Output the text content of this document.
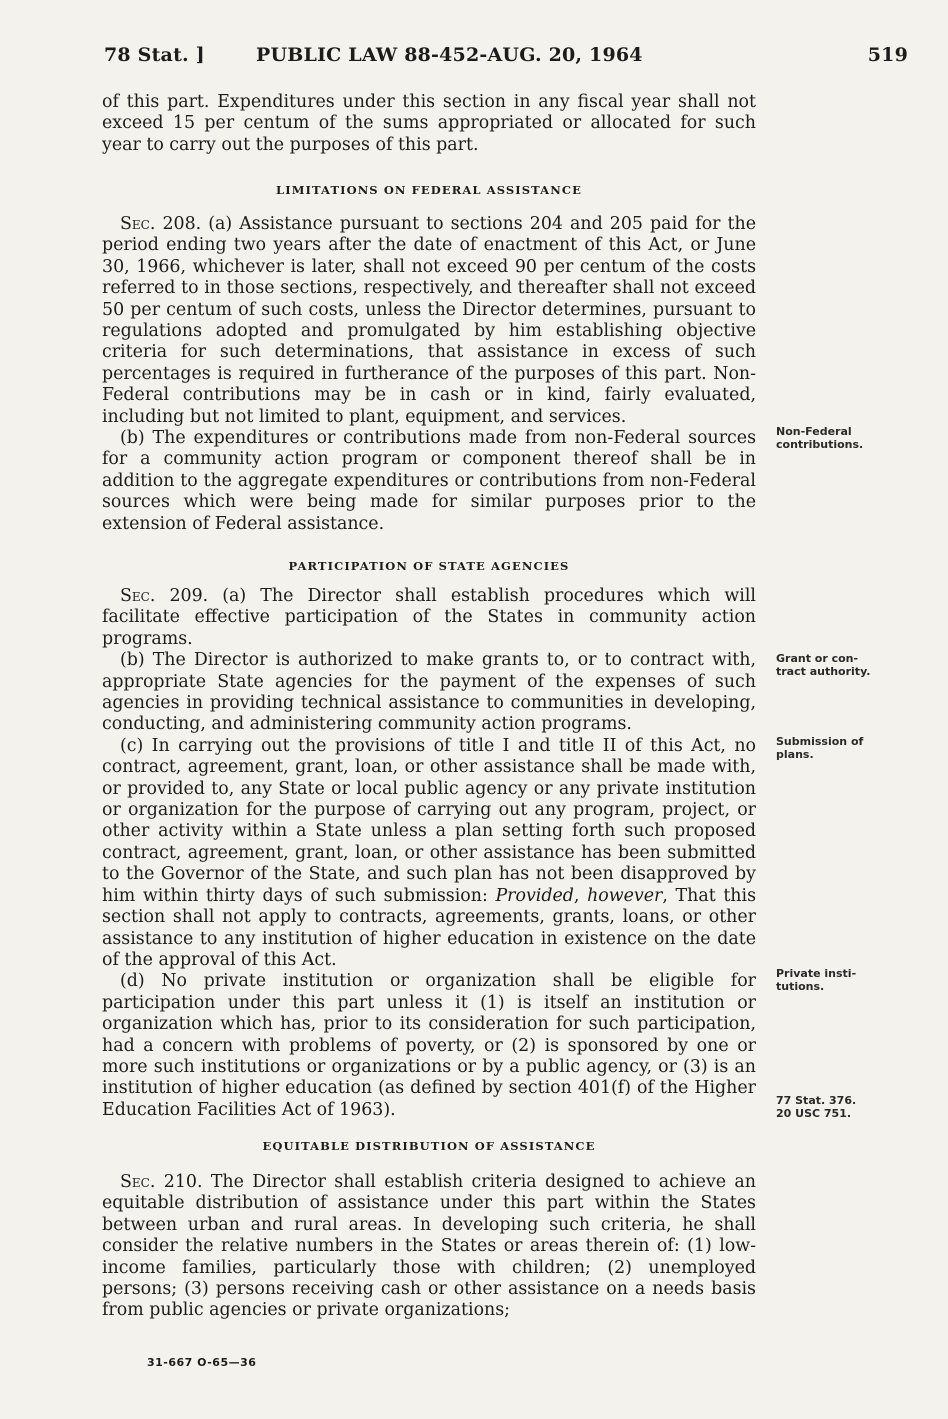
78 Stat. ]	PUBLIC LAW 88-452-AUG. 20, 1964	519

of this part. Expenditures under this section in any fiscal year shall not exceed 15 per centum of the sums appropriated or allocated for such year to carry out the purposes of this part.

LIMITATIONS ON FEDERAL ASSISTANCE

Sec. 208. (a) Assistance pursuant to sections 204 and 205 paid for the period ending two years after the date of enactment of this Act, or June 30, 1966, whichever is later, shall not exceed 90 per centum of the costs referred to in those sections, respectively, and thereafter shall not exceed 50 per centum of such costs, unless the Director determines, pursuant to regulations adopted and promulgated by him establishing objective criteria for such determinations, that assistance in excess of such percentages is required in furtherance of the purposes of this part. Non-Federal contributions may be in cash or in kind, fairly evaluated, including but not limited to plant, equipment, and services.

(b) The expenditures or contributions made from non-Federal sources for a community action program or component thereof shall be in addition to the aggregate expenditures or contributions from non-Federal sources which were being made for similar purposes prior to the extension of Federal assistance.

PARTICIPATION OF STATE AGENCIES

Sec. 209. (a) The Director shall establish procedures which will facilitate effective participation of the States in community action programs.

(b) The Director is authorized to make grants to, or to contract with, appropriate State agencies for the payment of the expenses of such agencies in providing technical assistance to communities in developing, conducting, and administering community action programs.

(c) In carrying out the provisions of title I and title II of this Act, no contract, agreement, grant, loan, or other assistance shall be made with, or provided to, any State or local public agency or any private institution or organization for the purpose of carrying out any program, project, or other activity within a State unless a plan setting forth such proposed contract, agreement, grant, loan, or other assistance has been submitted to the Governor of the State, and such plan has not been disapproved by him within thirty days of such submission: Provided, however, That this section shall not apply to contracts, agreements, grants, loans, or other assistance to any institution of higher education in existence on the date of the approval of this Act.

(d) No private institution or organization shall be eligible for participation under this part unless it (1) is itself an institution or organization which has, prior to its consideration for such participation, had a concern with problems of poverty, or (2) is sponsored by one or more such institutions or organizations or by a public agency, or (3) is an institution of higher education (as defined by section 401(f) of the Higher Education Facilities Act of 1963).

EQUITABLE DISTRIBUTION OF ASSISTANCE

Sec. 210. The Director shall establish criteria designed to achieve an equitable distribution of assistance under this part within the States between urban and rural areas. In developing such criteria, he shall consider the relative numbers in the States or areas therein of: (1) low-income families, particularly those with children; (2) unemployed persons; (3) persons receiving cash or other assistance on a needs basis from public agencies or private organizations;

Non-Federal
contributions.
Grant or con-
tract authority.
Submission of
plans.
Private insti-
tutions.
77 Stat. 376.
20 USC 751.
31-667 O-65—36
